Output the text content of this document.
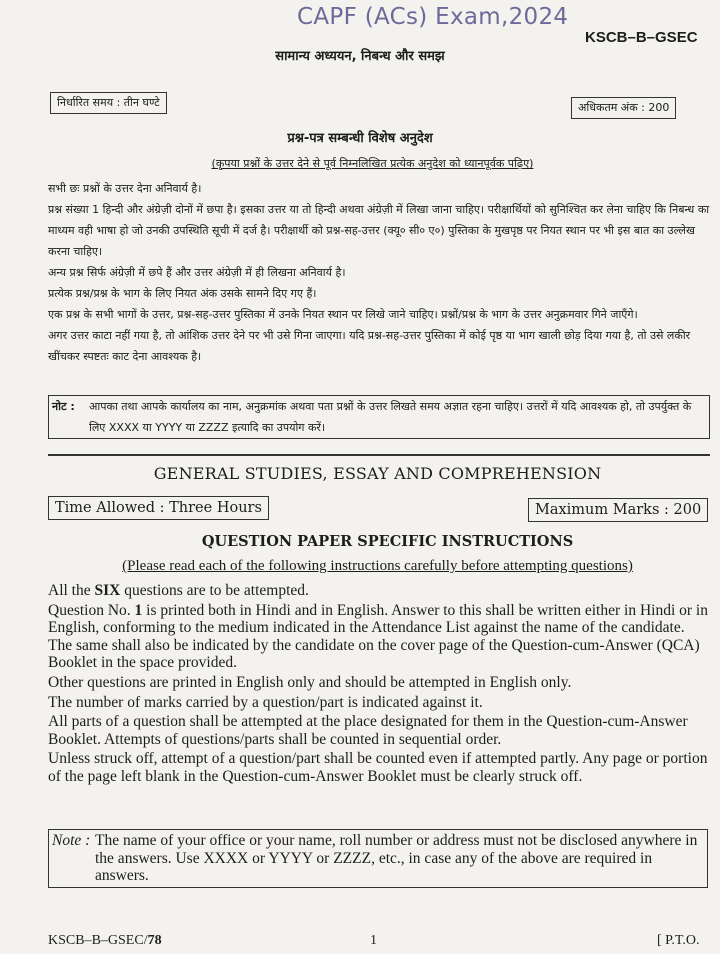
CAPF (ACs) Exam,2024
KSCB–B–GSEC
सामान्य अध्ययन, निबन्ध और समझ
निर्धारित समय : तीन घण्टे	अधिकतम अंक : 200
प्रश्न-पत्र सम्बन्धी विशेष अनुदेश
(कृपया प्रश्नों के उत्तर देने से पूर्व निम्नलिखित प्रत्येक अनुदेश को ध्यानपूर्वक पढ़िए)

सभी छः प्रश्नों के उत्तर देना अनिवार्य है।

प्रश्न संख्या 1 हिन्दी और अंग्रेज़ी दोनों में छपा है। इसका उत्तर या तो हिन्दी अथवा अंग्रेज़ी में लिखा जाना चाहिए। परीक्षार्थियों को सुनिश्चित कर लेना चाहिए कि निबन्ध का माध्यम वही भाषा हो जो उनकी उपस्थिति सूची में दर्ज है। परीक्षार्थी को प्रश्न-सह-उत्तर (क्यू० सी० ए०) पुस्तिका के मुखपृष्ठ पर नियत स्थान पर भी इस बात का उल्लेख करना चाहिए।

अन्य प्रश्न सिर्फ अंग्रेज़ी में छपे हैं और उत्तर अंग्रेज़ी में ही लिखना अनिवार्य है।

प्रत्येक प्रश्न/प्रश्न के भाग के लिए नियत अंक उसके सामने दिए गए हैं।

एक प्रश्न के सभी भागों के उत्तर, प्रश्न-सह-उत्तर पुस्तिका में उनके नियत स्थान पर लिखे जाने चाहिए। प्रश्नों/प्रश्न के भाग के उत्तर अनुक्रमवार गिने जाएँगे।

अगर उत्तर काटा नहीं गया है, तो आंशिक उत्तर देने पर भी उसे गिना जाएगा। यदि प्रश्न-सह-उत्तर पुस्तिका में कोई पृष्ठ या भाग खाली छोड़ दिया गया है, तो उसे लकीर खींचकर स्पष्टतः काट देना आवश्यक है।

नोट : आपका तथा आपके कार्यालय का नाम, अनुक्रमांक अथवा पता प्रश्नों के उत्तर लिखते समय अज्ञात रहना चाहिए। उत्तरों में यदि आवश्यक हो, तो उपर्युक्त के लिए XXXX या YYYY या ZZZZ इत्यादि का उपयोग करें।
GENERAL STUDIES, ESSAY AND COMPREHENSION
Time Allowed : Three Hours	Maximum Marks : 200
QUESTION PAPER SPECIFIC INSTRUCTIONS
(Please read each of the following instructions carefully before attempting questions)

All the SIX questions are to be attempted.

Question No. 1 is printed both in Hindi and in English. Answer to this shall be written either in Hindi or in English, conforming to the medium indicated in the Attendance List against the name of the candidate. The same shall also be indicated by the candidate on the cover page of the Question-cum-Answer (QCA) Booklet in the space provided.

Other questions are printed in English only and should be attempted in English only.

The number of marks carried by a question/part is indicated against it.

All parts of a question shall be attempted at the place designated for them in the Question-cum-Answer Booklet. Attempts of questions/parts shall be counted in sequential order.

Unless struck off, attempt of a question/part shall be counted even if attempted partly. Any page or portion of the page left blank in the Question-cum-Answer Booklet must be clearly struck off.

Note : The name of your office or your name, roll number or address must not be disclosed anywhere in the answers. Use XXXX or YYYY or ZZZZ, etc., in case any of the above are required in answers.
KSCB–B–GSEC/78	1	[ P.T.O.
